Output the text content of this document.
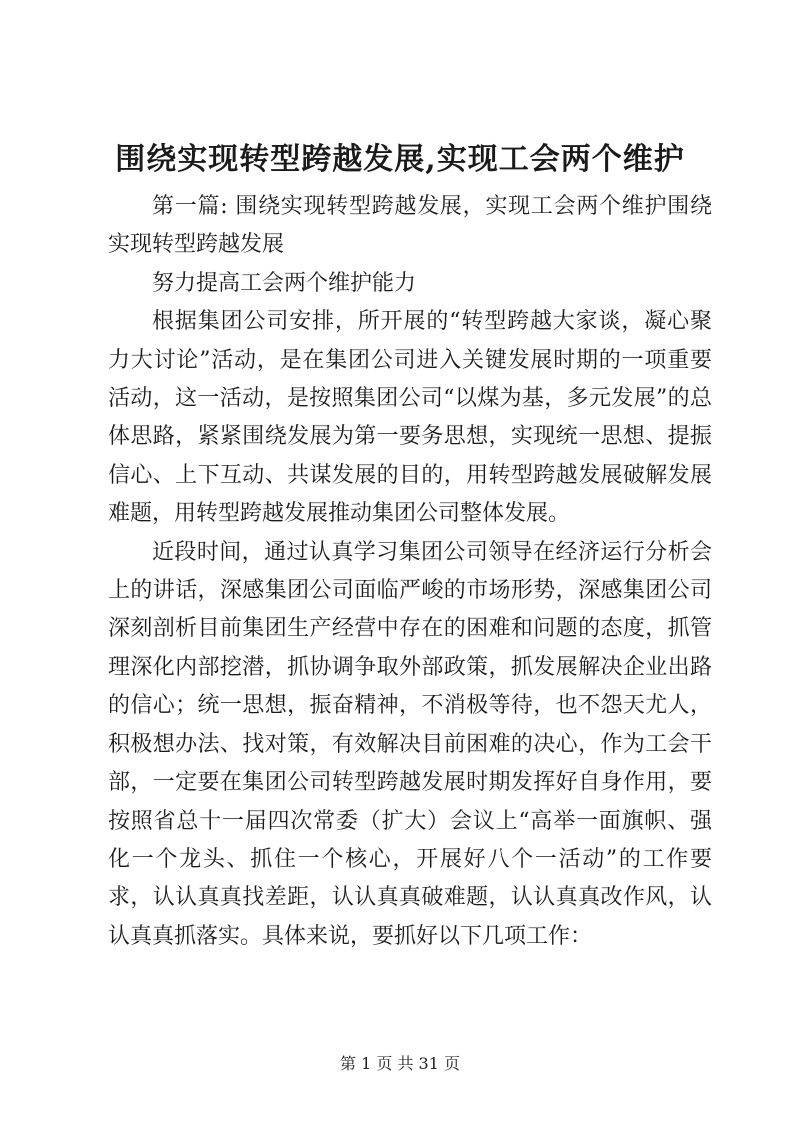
围绕实现转型跨越发展,实现工会两个维护

第一篇: 围绕实现转型跨越发展，实现工会两个维护围绕实现转型跨越发展

努力提高工会两个维护能力

根据集团公司安排，所开展的“转型跨越大家谈，凝心聚力大讨论”活动，是在集团公司进入关键发展时期的一项重要活动，这一活动，是按照集团公司“以煤为基，多元发展”的总体思路，紧紧围绕发展为第一要务思想，实现统一思想、提振信心、上下互动、共谋发展的目的，用转型跨越发展破解发展难题，用转型跨越发展推动集团公司整体发展。

近段时间，通过认真学习集团公司领导在经济运行分析会上的讲话，深感集团公司面临严峻的市场形势，深感集团公司深刻剖析目前集团生产经营中存在的困难和问题的态度，抓管理深化内部挖潜，抓协调争取外部政策，抓发展解决企业出路的信心；统一思想，振奋精神，不消极等待，也不怨天尤人，积极想办法、找对策，有效解决目前困难的决心，作为工会干部，一定要在集团公司转型跨越发展时期发挥好自身作用，要按照省总十一届四次常委（扩大）会议上“高举一面旗帜、强化一个龙头、抓住一个核心，开展好八个一活动”的工作要求，认认真真找差距，认认真真破难题，认认真真改作风，认认真真抓落实。具体来说，要抓好以下几项工作：

第 1 页 共 31 页
